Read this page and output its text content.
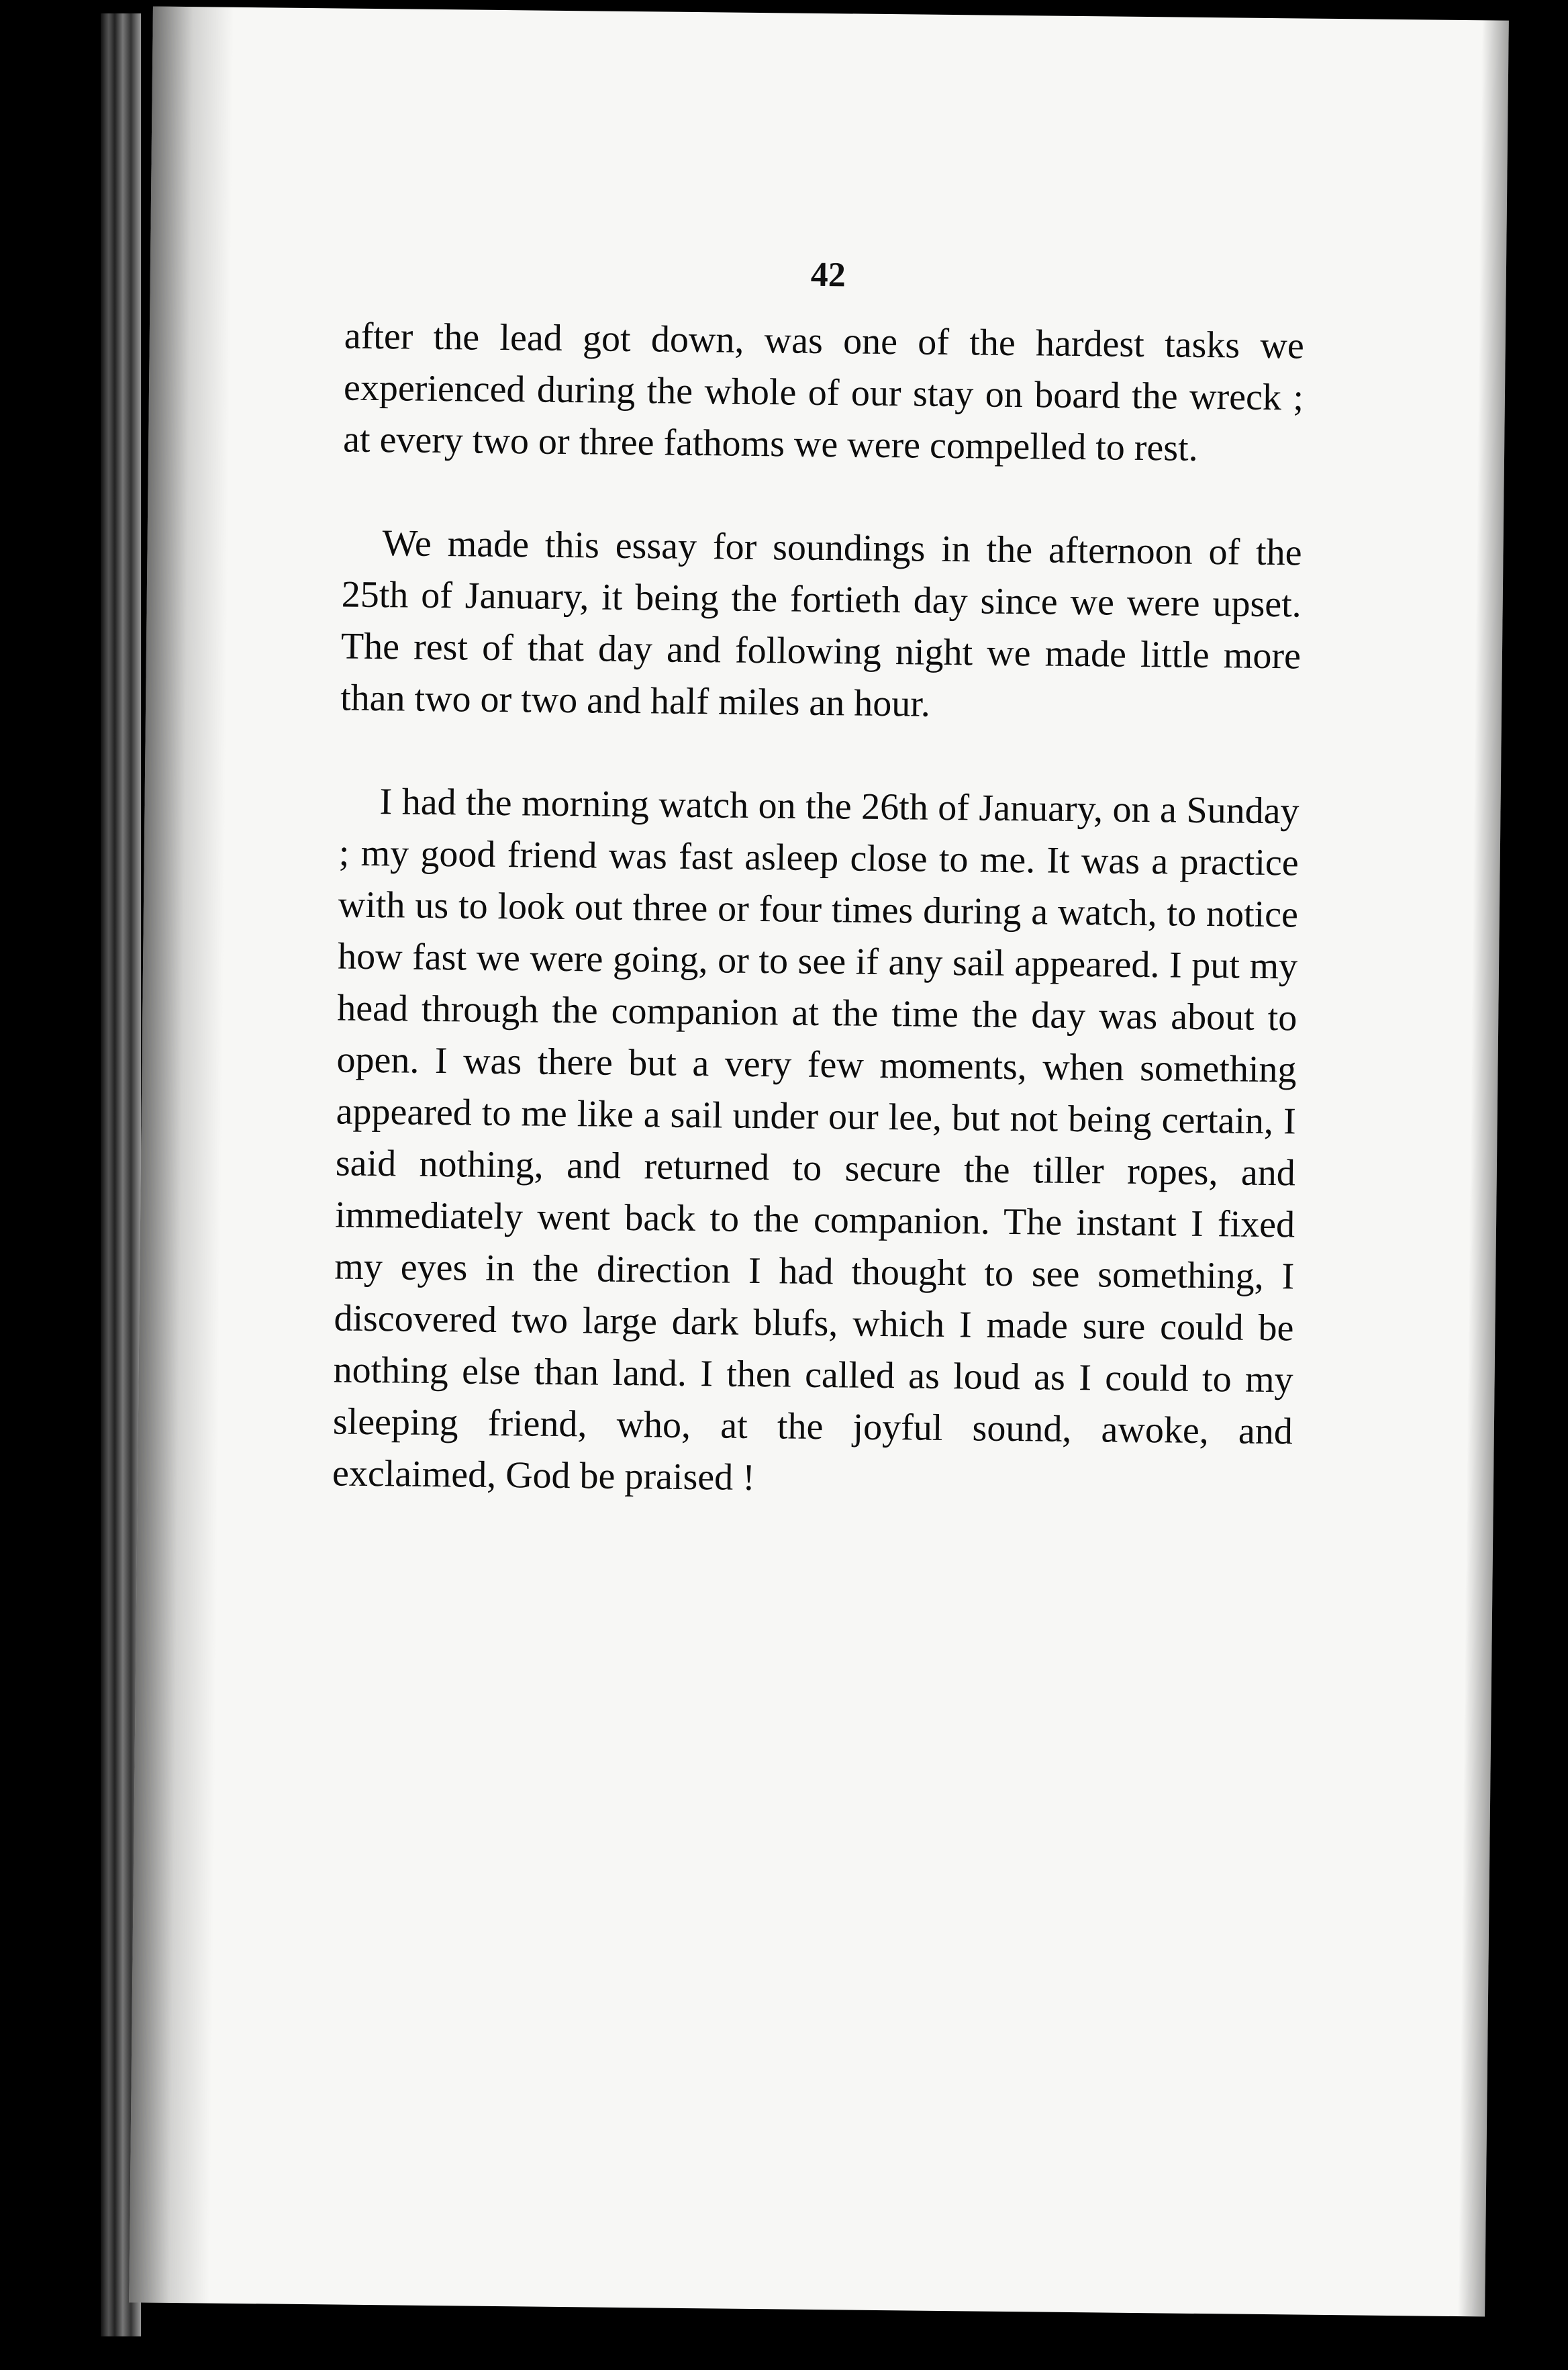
42

after the lead got down, was one of the hardest tasks we experienced during the whole of our stay on board the wreck ; at every two or three fathoms we were compelled to rest.

We made this essay for soundings in the afternoon of the 25th of January, it being the fortieth day since we were upset. The rest of that day and following night we made little more than two or two and half miles an hour.

I had the morning watch on the 26th of January, on a Sunday ; my good friend was fast asleep close to me. It was a practice with us to look out three or four times during a watch, to notice how fast we were going, or to see if any sail appeared. I put my head through the companion at the time the day was about to open. I was there but a very few moments, when something appeared to me like a sail under our lee, but not being certain, I said nothing, and returned to secure the tiller ropes, and immediately went back to the companion. The instant I fixed my eyes in the direction I had thought to see something, I discovered two large dark blufs, which I made sure could be nothing else than land. I then called as loud as I could to my sleeping friend, who, at the joyful sound, awoke, and exclaimed, God be praised !
